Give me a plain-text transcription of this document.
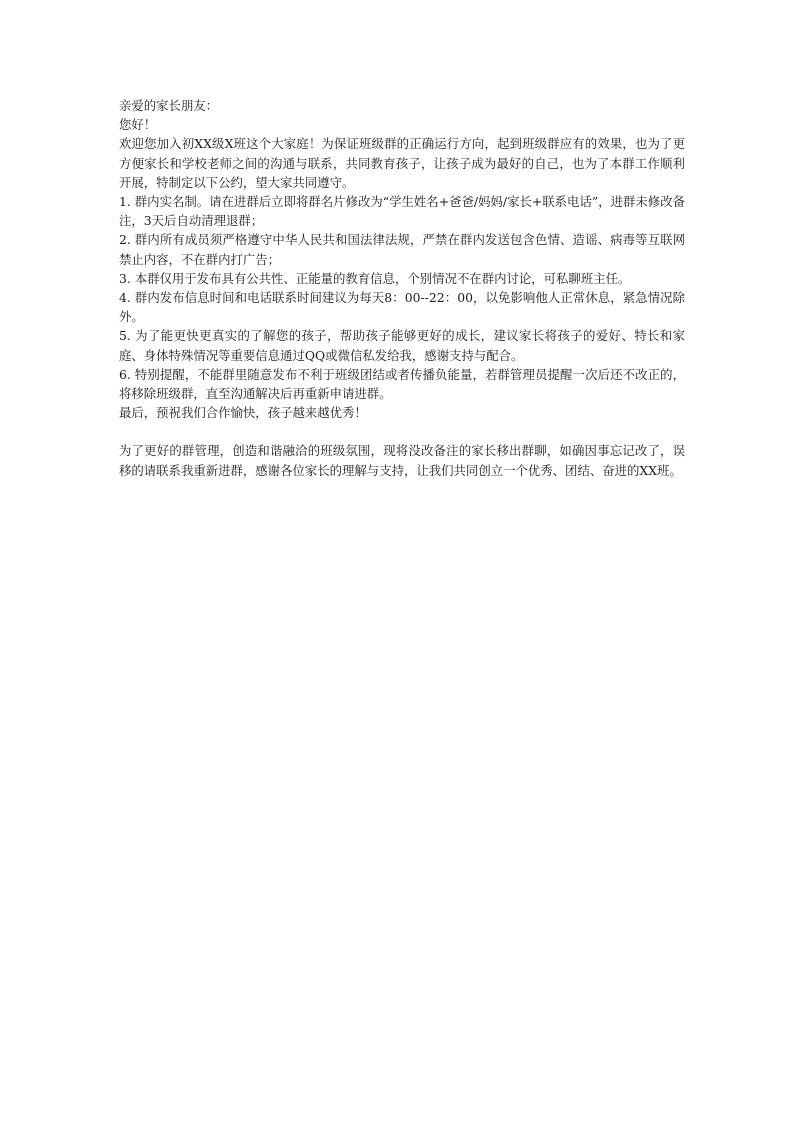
亲爱的家长朋友：

您好！

欢迎您加入初XX级X班这个大家庭！为保证班级群的正确运行方向，起到班级群应有的效果，也为了更方便家长和学校老师之间的沟通与联系，共同教育孩子，让孩子成为最好的自己，也为了本群工作顺利开展，特制定以下公约，望大家共同遵守。

1. 群内实名制。请在进群后立即将群名片修改为“学生姓名+爸爸/妈妈/家长+联系电话”，进群未修改备注，3天后自动清理退群；

2. 群内所有成员须严格遵守中华人民共和国法律法规，严禁在群内发送包含色情、造谣、病毒等互联网禁止内容，不在群内打广告；

3. 本群仅用于发布具有公共性、正能量的教育信息，个别情况不在群内讨论，可私聊班主任。

4. 群内发布信息时间和电话联系时间建议为每天8：00--22：00，以免影响他人正常休息，紧急情况除外。

5. 为了能更快更真实的了解您的孩子，帮助孩子能够更好的成长，建议家长将孩子的爱好、特长和家庭、身体特殊情况等重要信息通过QQ或微信私发给我，感谢支持与配合。

6. 特别提醒，不能群里随意发布不利于班级团结或者传播负能量，若群管理员提醒一次后还不改正的，将移除班级群，直至沟通解决后再重新申请进群。

最后，预祝我们合作愉快，孩子越来越优秀！

为了更好的群管理，创造和谐融洽的班级氛围，现将没改备注的家长移出群聊，如确因事忘记改了，误移的请联系我重新进群，感谢各位家长的理解与支持，让我们共同创立一个优秀、团结、奋进的XX班。
